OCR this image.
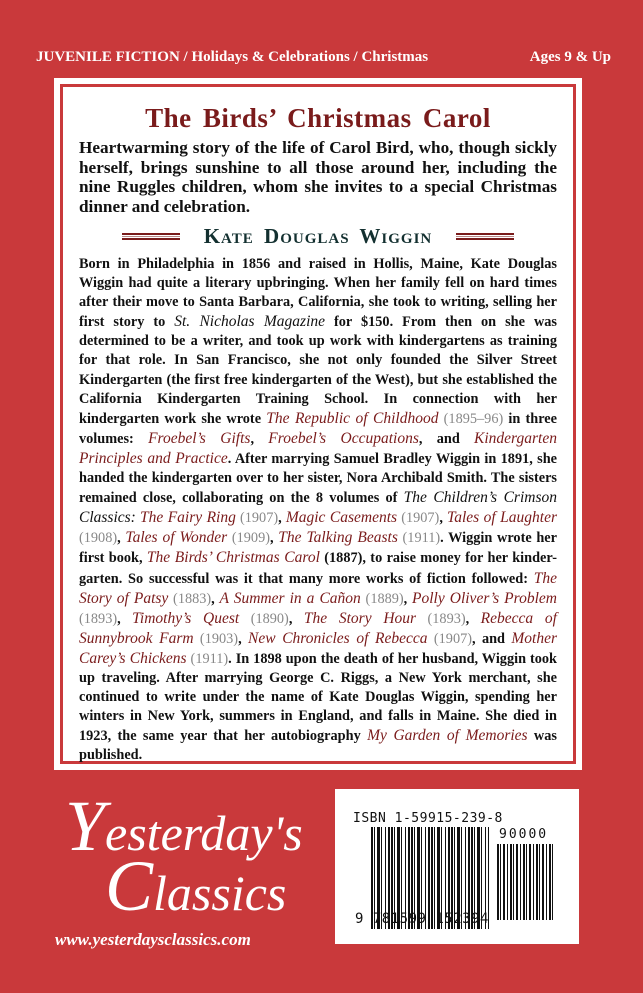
JUVENILE FICTION / Holidays & Celebrations / Christmas	Ages 9 & Up
The Birds’ Christmas Carol

Heartwarming story of the life of Carol Bird, who, though sickly herself, brings sunshine to all those around her, including the nine Ruggles children, whom she invites to a special Christmas dinner and celebration.

Kate Douglas Wiggin

Born in Philadelphia in 1856 and raised in Hollis, Maine, Kate Douglas Wiggin had quite a literary upbringing. When her family fell on hard times after their move to Santa Barbara, California, she took to writing, selling her first story to St. Nicholas Magazine for $150. From then on she was determined to be a writer, and took up work with kindergartens as training for that role. In San Francisco, she not only founded the Silver Street Kindergarten (the first free kindergarten of the West), but she established the California Kindergarten Training School. In connection with her kindergarten work she wrote The Republic of Childhood (1895–96) in three volumes: Froebel’s Gifts, Froebel’s Occupations, and Kindergarten Principles and Practice. After marrying Samuel Bradley Wiggin in 1891, she handed the kindergarten over to her sister, Nora Archibald Smith. The sisters remained close, collaborating on the 8 volumes of The Children’s Crimson Classics: The Fairy Ring (1907), Magic Casements (1907), Tales of Laughter (1908), Tales of Wonder (1909), The Talking Beasts (1911). Wiggin wrote her first book, The Birds’ Christmas Carol (1887), to raise money for her kinder-garten. So successful was it that many more works of fiction followed: The Story of Patsy (1883), A Summer in a Cañon (1889), Polly Oliver’s Problem (1893), Timothy’s Quest (1890), The Story Hour (1893), Rebecca of Sunnybrook Farm (1903), New Chronicles of Rebecca (1907), and Mother Carey’s Chickens (1911). In 1898 upon the death of her husband, Wiggin took up traveling. After marrying George C. Riggs, a New York merchant, she continued to write under the name of Kate Douglas Wiggin, spending her winters in New York, summers in England, and falls in Maine. She died in 1923, the same year that her autobiography My Garden of Memories was published.

Yesterday's
Classics
www.yesterdaysclassics.com
ISBN 1-59915-239-8
90000
9 781599 152394
